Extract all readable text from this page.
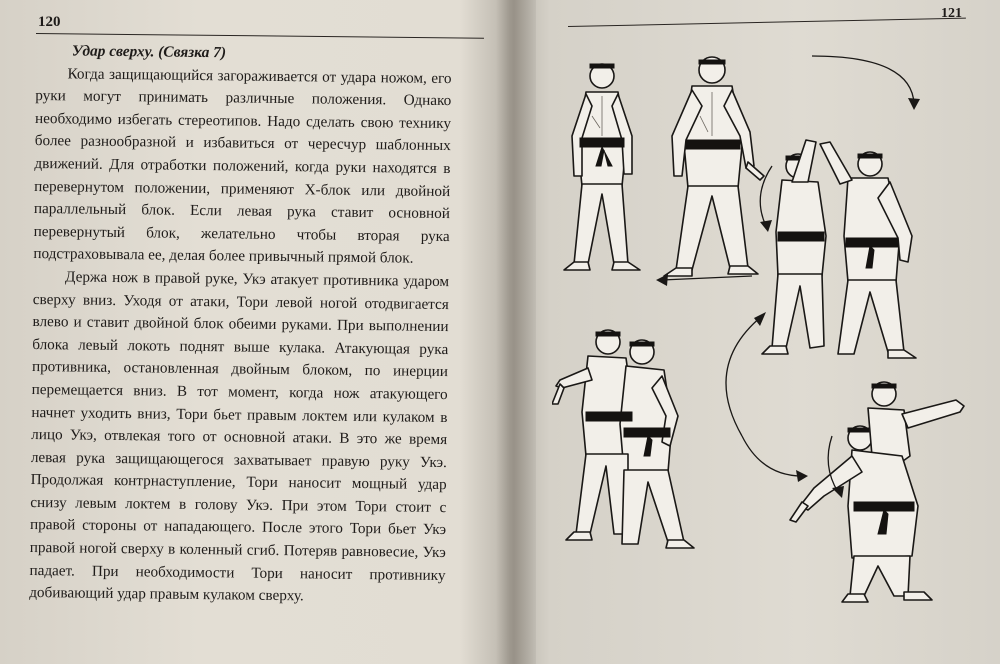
120

Удар сверху. (Связка 7)

Когда защищающийся загораживается от удара ножом, его руки могут принимать различные положения. Однако необходимо избегать стереотипов. Надо сделать свою технику более разнообразной и избавиться от чересчур шаблонных движений. Для отработки положений, когда руки находятся в перевернутом положении, применяют X-блок или двойной параллельный блок. Если левая рука ставит основной перевернутый блок, желательно чтобы вторая рука подстраховывала ее, делая более привычный прямой блок.

Держа нож в правой руке, Укэ атакует противника ударом сверху вниз. Уходя от атаки, Тори левой ногой отодвигается влево и ставит двойной блок обеими руками. При выполнении блока левый локоть поднят выше кулака. Атакующая рука противника, остановленная двойным блоком, по инерции перемещается вниз. В тот момент, когда нож атакующего начнет уходить вниз, Тори бьет правым локтем или кулаком в лицо Укэ, отвлекая того от основной атаки. В это же время левая рука защищающегося захватывает правую руку Укэ. Продолжая контрнаступление, Тори наносит мощный удар снизу левым локтем в голову Укэ. При этом Тори стоит с правой стороны от нападающего. После этого Тори бьет Укэ правой ногой сверху в коленный сгиб. Потеряв равновесие, Укэ падает. При необходимости Тори наносит противнику добивающий удар правым кулаком сверху.

121
